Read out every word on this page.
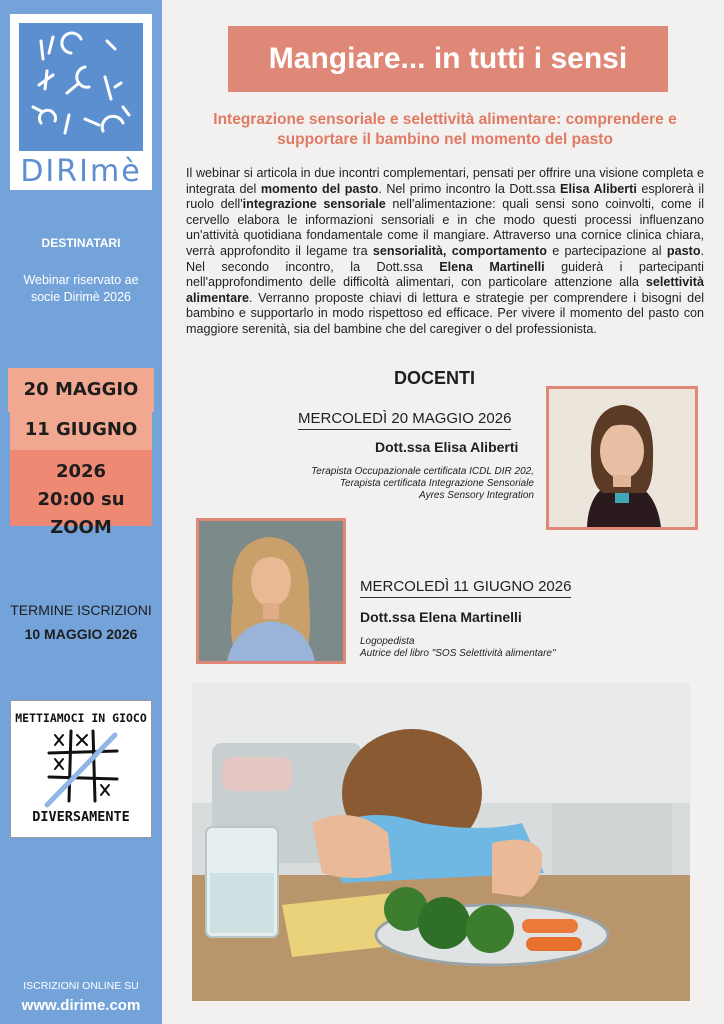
DIRImè
DESTINATARI
Webinar riservato ae socie Dirimè 2026
20 MAGGIO
11 GIUGNO
2026
20:00 su ZOOM
TERMINE ISCRIZIONI
10 MAGGIO 2026
METTIAMOCI IN GIOCO
DIVERSAMENTE
ISCRIZIONI ONLINE SU
www.dirime.com
Mangiare... in tutti i sensi
Integrazione sensoriale e selettività alimentare: comprendere e supportare il bambino nel momento del pasto
Il webinar si articola in due incontri complementari, pensati per offrire una visione completa e integrata del momento del pasto. Nel primo incontro la Dott.ssa Elisa Aliberti esplorerà il ruolo dell'integrazione sensoriale nell'alimentazione: quali sensi sono coinvolti, come il cervello elabora le informazioni sensoriali e in che modo questi processi influenzano un'attività quotidiana fondamentale come il mangiare. Attraverso una cornice clinica chiara, verrà approfondito il legame tra sensorialità, comportamento e partecipazione al pasto. Nel secondo incontro, la Dott.ssa Elena Martinelli guiderà i partecipanti nell'approfondimento delle difficoltà alimentari, con particolare attenzione alla selettività alimentare. Verranno proposte chiavi di lettura e strategie per comprendere i bisogni del bambino e supportarlo in modo rispettoso ed efficace. Per vivere il momento del pasto con maggiore serenità, sia del bambine che del caregiver o del professionista.
DOCENTI
MERCOLEDÌ 20 MAGGIO 2026
Dott.ssa Elisa Aliberti
Terapista Occupazionale certificata ICDL DIR 202,
Terapista certificata Integrazione Sensoriale
Ayres Sensory Integration
MERCOLEDÌ 11 GIUGNO 2026
Dott.ssa Elena Martinelli
Logopedista
Autrice del libro "SOS Selettività alimentare"
